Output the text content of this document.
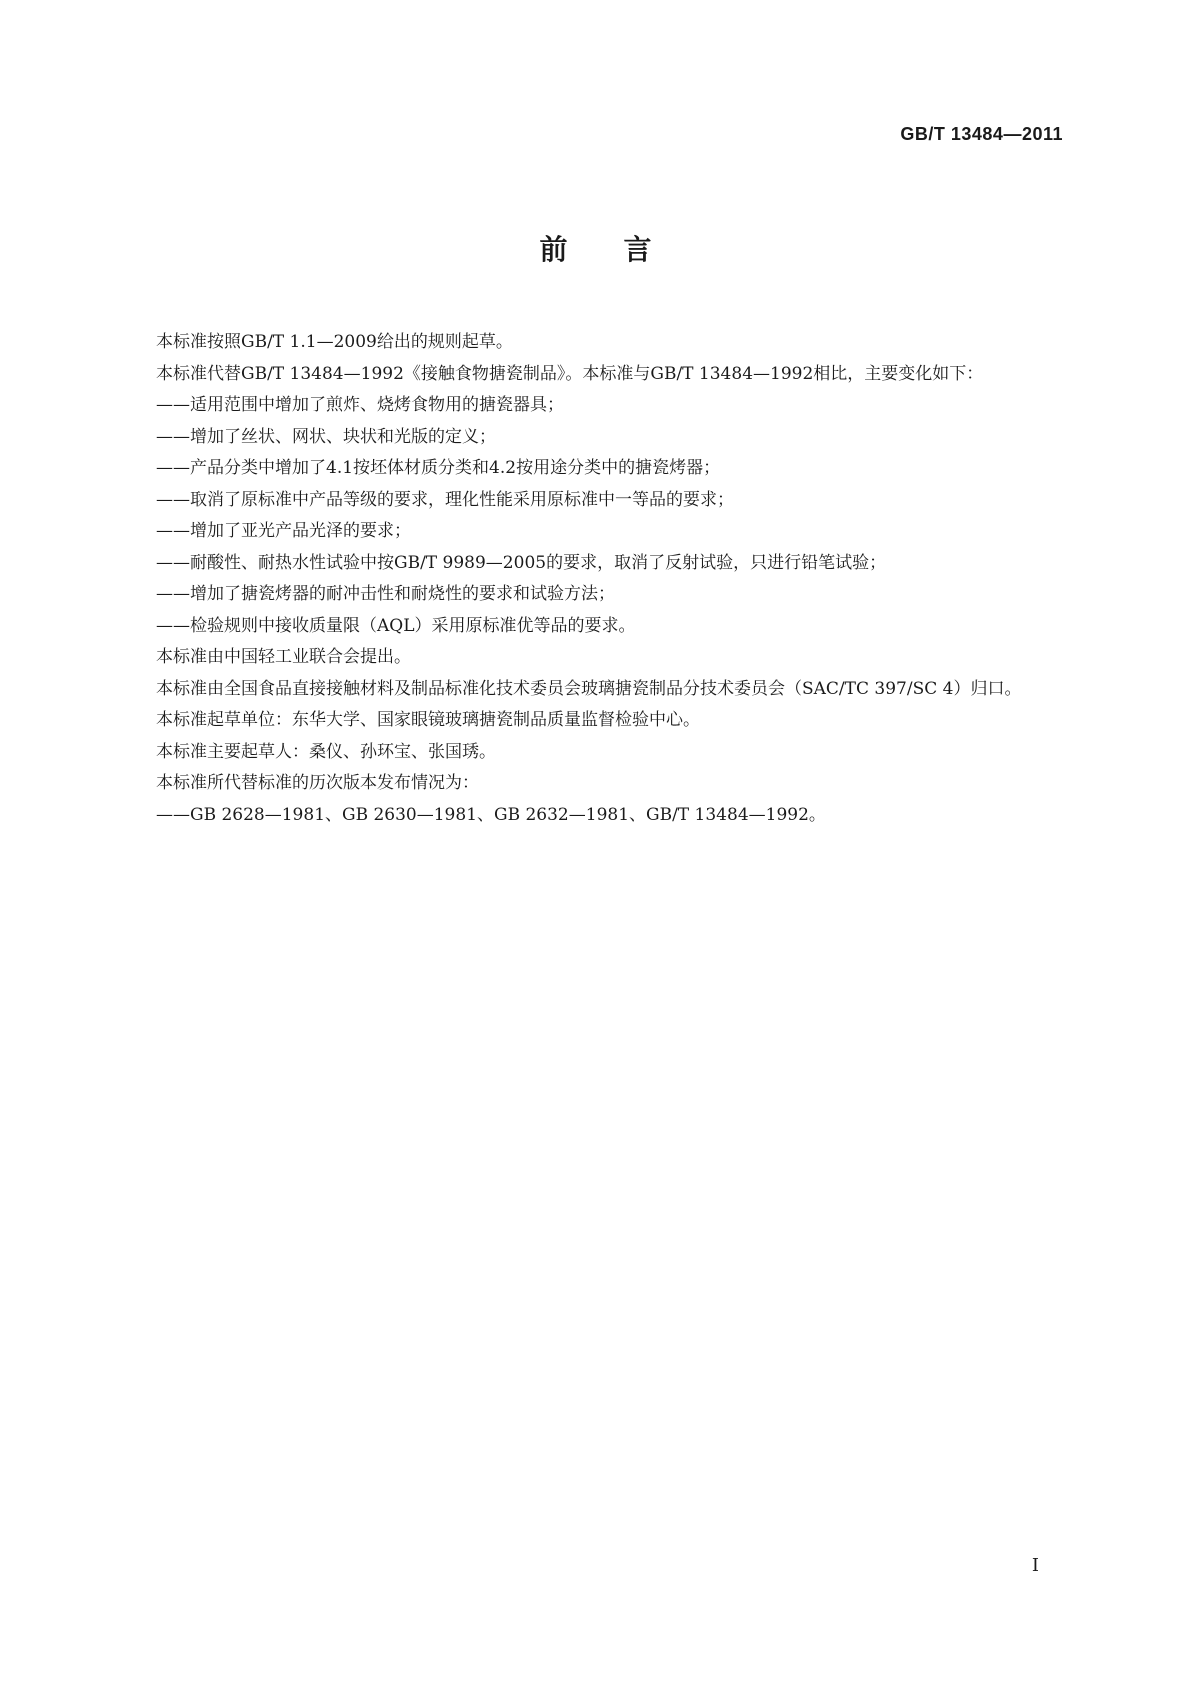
GB/T 13484—2011
前言

本标准按照GB/T 1.1—2009给出的规则起草。

本标准代替GB/T 13484—1992《接触食物搪瓷制品》。本标准与GB/T 13484—1992相比，主要变化如下：

——适用范围中增加了煎炸、烧烤食物用的搪瓷器具；

——增加了丝状、网状、块状和光版的定义；

——产品分类中增加了4.1按坯体材质分类和4.2按用途分类中的搪瓷烤器；

——取消了原标准中产品等级的要求，理化性能采用原标准中一等品的要求；

——增加了亚光产品光泽的要求；

——耐酸性、耐热水性试验中按GB/T 9989—2005的要求，取消了反射试验，只进行铅笔试验；

——增加了搪瓷烤器的耐冲击性和耐烧性的要求和试验方法；

——检验规则中接收质量限（AQL）采用原标准优等品的要求。

本标准由中国轻工业联合会提出。

本标准由全国食品直接接触材料及制品标准化技术委员会玻璃搪瓷制品分技术委员会（SAC/TC 397/SC 4）归口。

本标准起草单位：东华大学、国家眼镜玻璃搪瓷制品质量监督检验中心。

本标准主要起草人：桑仪、孙环宝、张国琇。

本标准所代替标准的历次版本发布情况为：

——GB 2628—1981、GB 2630—1981、GB 2632—1981、GB/T 13484—1992。

I
